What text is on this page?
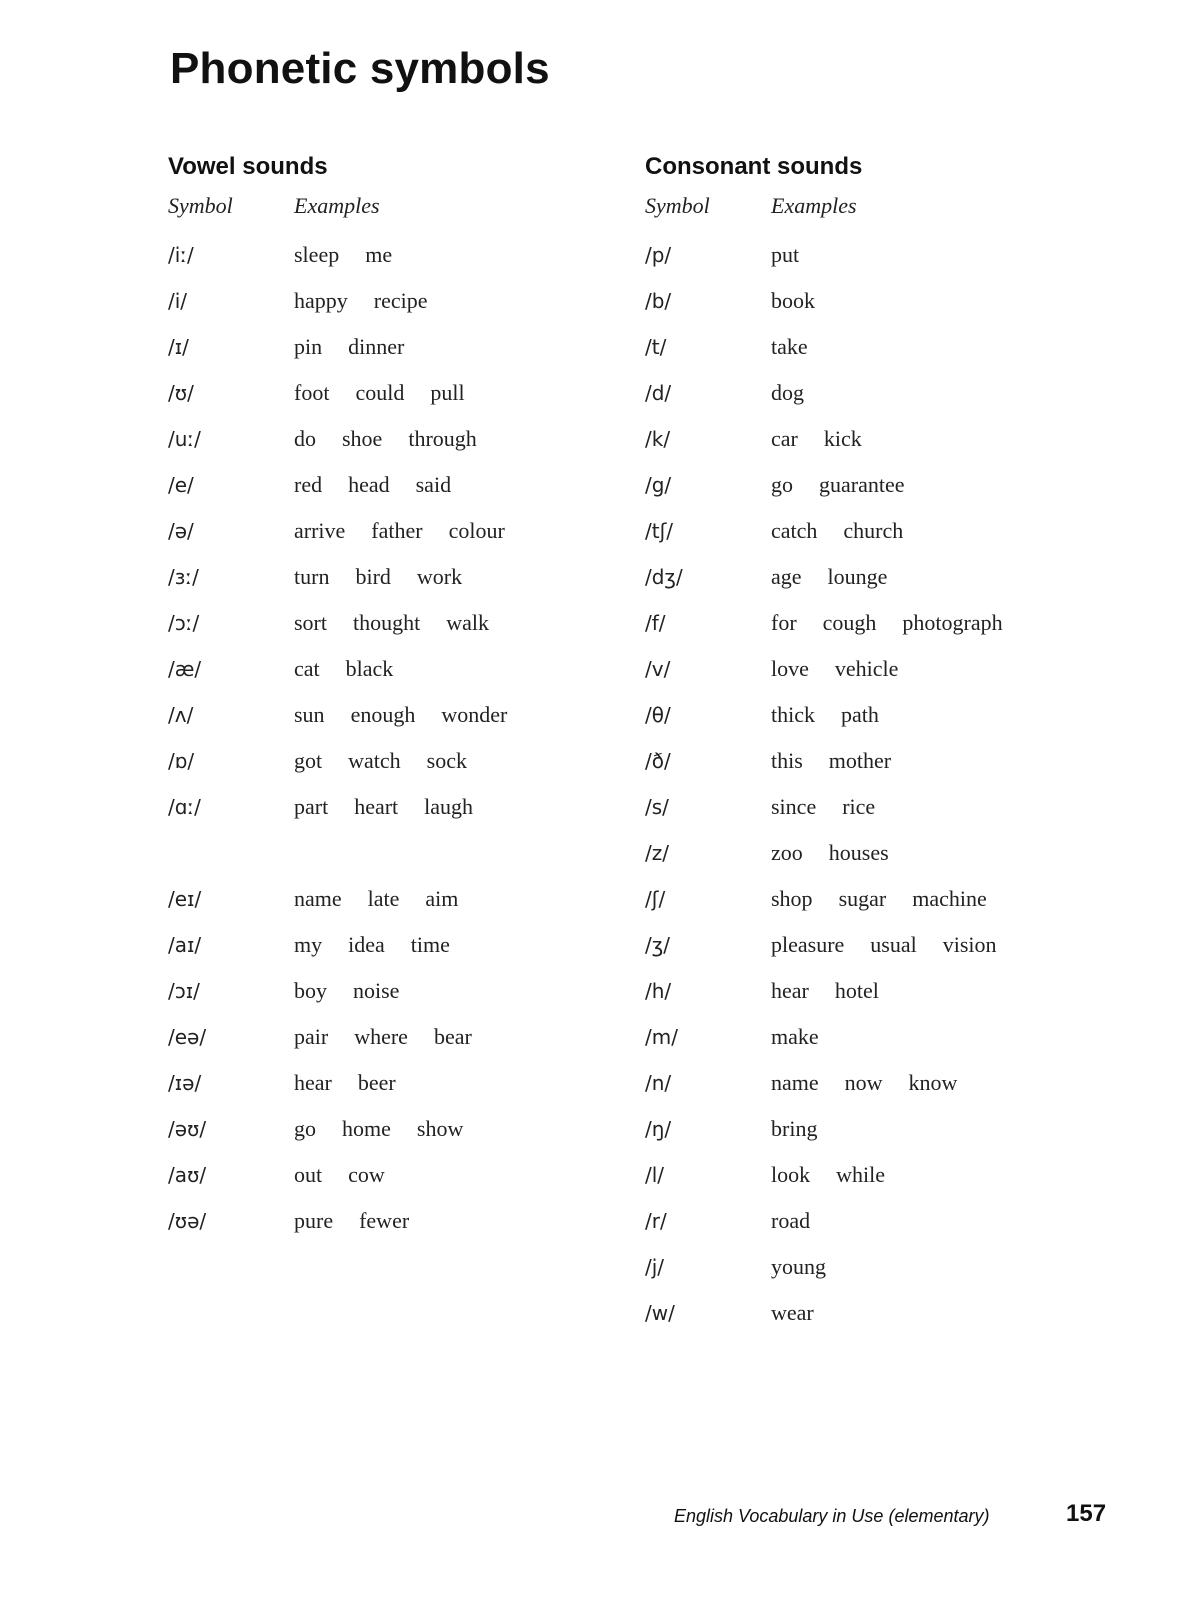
Phonetic symbols
Vowel sounds
Symbol	Examples
/iː/	sleep me
/i/	happy recipe
/ɪ/	pin dinner
/ʊ/	foot could pull
/uː/	do shoe through
/e/	red head said
/ə/	arrive father colour
/ɜː/	turn bird work
/ɔː/	sort thought walk
/æ/	cat black
/ʌ/	sun enough wonder
/ɒ/	got watch sock
/ɑː/	part heart laugh
/eɪ/	name late aim
/aɪ/	my idea time
/ɔɪ/	boy noise
/eə/	pair where bear
/ɪə/	hear beer
/əʊ/	go home show
/aʊ/	out cow
/ʊə/	pure fewer
Consonant sounds
Symbol	Examples
/p/	put
/b/	book
/t/	take
/d/	dog
/k/	car kick
/g/	go guarantee
/tʃ/	catch church
/dʒ/	age lounge
/f/	for cough photograph
/v/	love vehicle
/θ/	thick path
/ð/	this mother
/s/	since rice
/z/	zoo houses
/ʃ/	shop sugar machine
/ʒ/	pleasure usual vision
/h/	hear hotel
/m/	make
/n/	name now know
/ŋ/	bring
/l/	look while
/r/	road
/j/	young
/w/	wear
English Vocabulary in Use (elementary)	157
